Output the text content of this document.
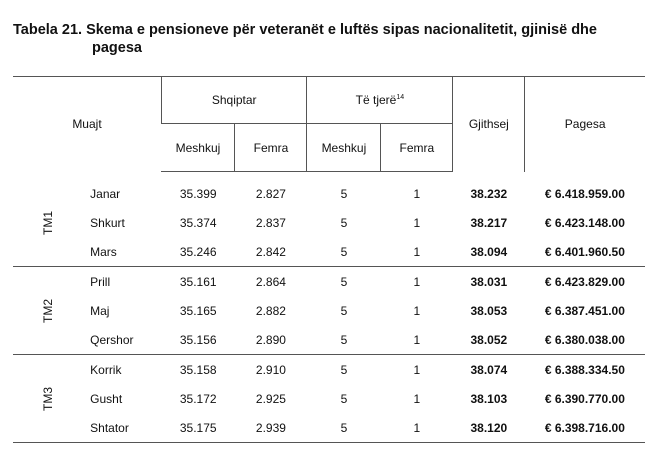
Tabela 21. Skema e pensioneve për veteranët e luftës sipas nacionalitetit, gjinisë dhe
pagesa
Muajt		Shqiptar		Të tjerë$^{14}$		Gjithsej	Pagesa
		Meshkuj	Femra	Meshkuj	Femra		

TM1	Janar	35.399	2.827	5	1	38.232	€ 6.418.959.00
	Shkurt	35.374	2.837	5	1	38.217	€ 6.423.148.00
	Mars	35.246	2.842	5	1	38.094	€ 6.401.960.50
TM2	Prill	35.161	2.864	5	1	38.031	€ 6.423.829.00
	Maj	35.165	2.882	5	1	38.053	€ 6.387.451.00
	Qershor	35.156	2.890	5	1	38.052	€ 6.380.038.00
TM3	Korrik	35.158	2.910	5	1	38.074	€ 6.388.334.50
	Gusht	35.172	2.925	5	1	38.103	€ 6.390.770.00
	Shtator	35.175	2.939	5	1	38.120	€ 6.398.716.00
